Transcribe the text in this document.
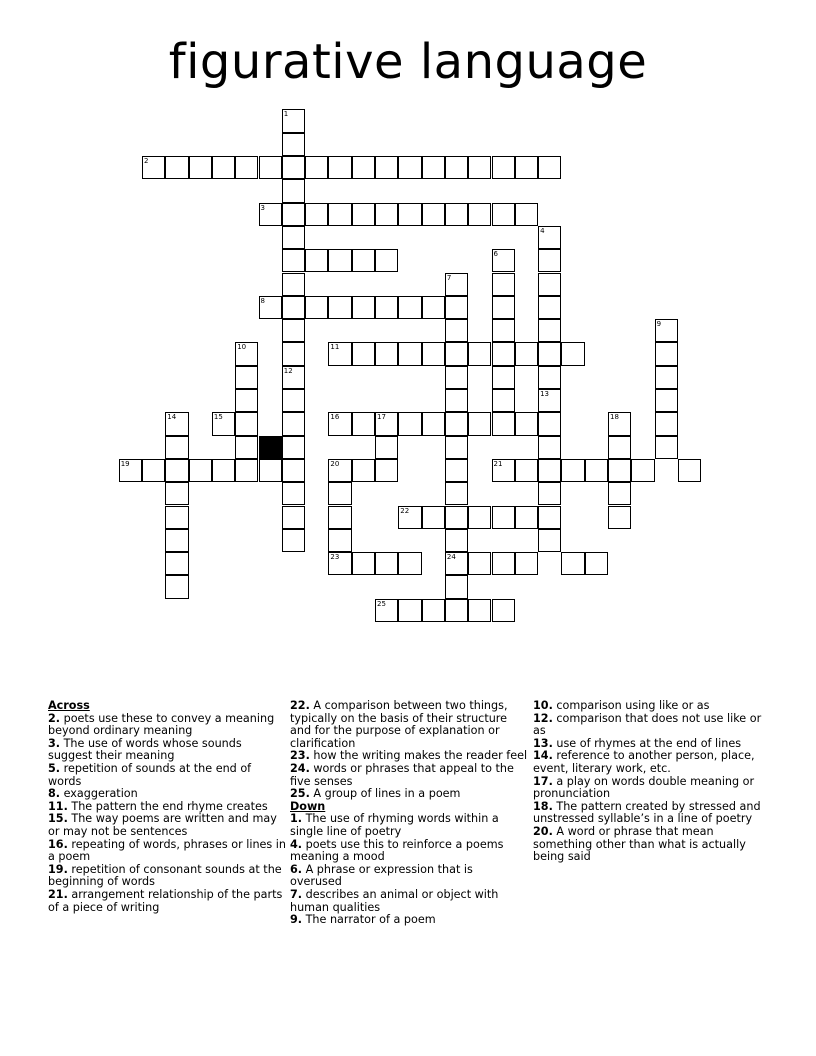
figurative language
1
12
2
3
4
6
7
8
9
10	11
13
14	15	16	17	18
19	20	21
22
23	24
25
Across

2. poets use these to convey a meaning beyond ordinary meaning

3. The use of words whose sounds suggest their meaning

5. repetition of sounds at the end of words

8. exaggeration

11. The pattern the end rhyme creates

15. The way poems are written and may or may not be sentences

16. repeating of words, phrases or lines in a poem

19. repetition of consonant sounds at the beginning of words

21. arrangement relationship of the parts of a piece of writing

22. A comparison between two things, typically on the basis of their structure and for the purpose of explanation or clarification

23. how the writing makes the reader feel

24. words or phrases that appeal to the five senses

25. A group of lines in a poem

Down

1. The use of rhyming words within a single line of poetry

4. poets use this to reinforce a poems meaning a mood

6. A phrase or expression that is overused

7. describes an animal or object with human qualities

9. The narrator of a poem

10. comparison using like or as

12. comparison that does not use like or as

13. use of rhymes at the end of lines

14. reference to another person, place, event, literary work, etc.

17. a play on words double meaning or pronunciation

18. The pattern created by stressed and unstressed syllable’s in a line of poetry

20. A word or phrase that mean something other than what is actually being said
